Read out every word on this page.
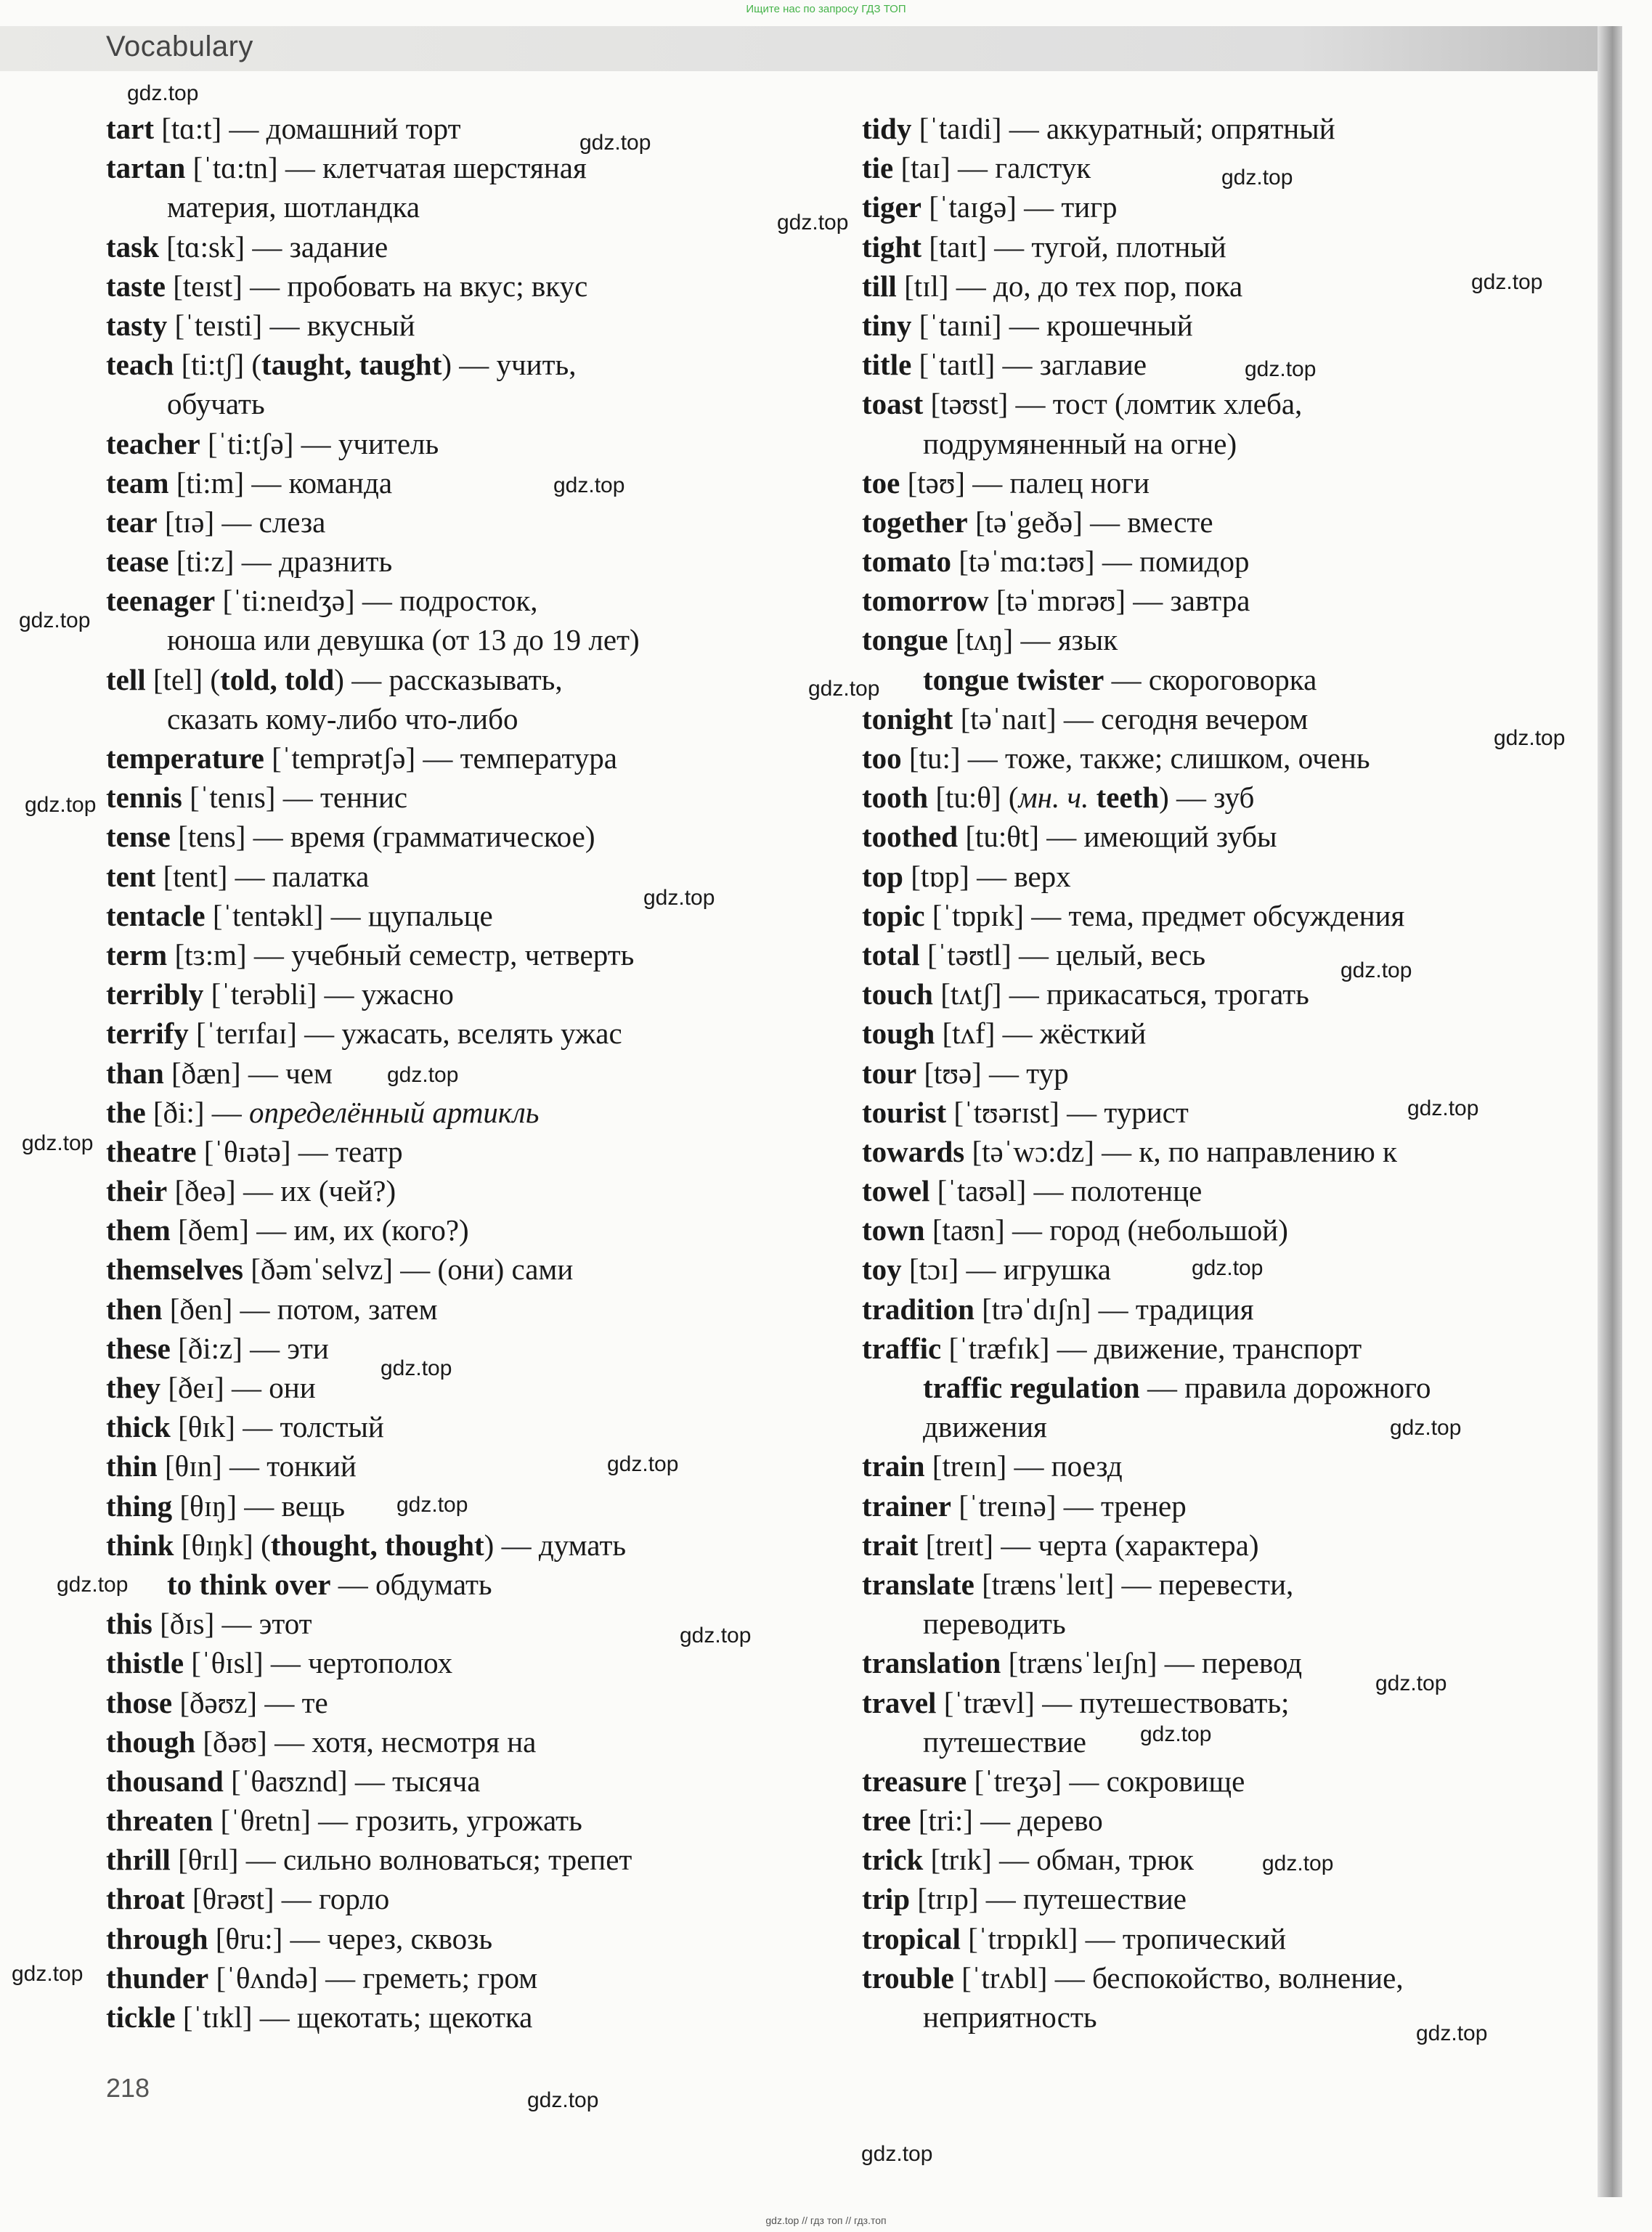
Ищите нас по запросу ГДЗ ТОП
Vocabulary
tart [tɑ:t] — домашний торт
tartan [ˈtɑ:tn] — клетчатая шерстяная
материя, шотландка
task [tɑ:sk] — задание
taste [teɪst] — пробовать на вкус; вкус
tasty [ˈteɪsti] — вкусный
teach [ti:tʃ] (taught, taught) — учить,
обучать
teacher [ˈti:tʃə] — учитель
team [ti:m] — команда
tear [tɪə] — слеза
tease [ti:z] — дразнить
teenager [ˈti:neɪdʒə] — подросток,
юноша или девушка (от 13 до 19 лет)
tell [tel] (told, told) — рассказывать,
сказать кому-либо что-либо
temperature [ˈtemprətʃə] — температура
tennis [ˈtenɪs] — теннис
tense [tens] — время (грамматическое)
tent [tent] — палатка
tentacle [ˈtentəkl] — щупальце
term [tɜ:m] — учебный семестр, четверть
terribly [ˈterəbli] — ужасно
terrify [ˈterɪfaɪ] — ужасать, вселять ужас
than [ðæn] — чем
the [ði:] — определённый артикль
theatre [ˈθɪətə] — театр
their [ðeə] — их (чей?)
them [ðem] — им, их (кого?)
themselves [ðəmˈselvz] — (они) сами
then [ðen] — потом, затем
these [ði:z] — эти
they [ðeɪ] — они
thick [θɪk] — толстый
thin [θɪn] — тонкий
thing [θɪŋ] — вещь
think [θɪŋk] (thought, thought) — думать
to think over — обдумать
this [ðɪs] — этот
thistle [ˈθɪsl] — чертополох
those [ðəʊz] — те
though [ðəʊ] — хотя, несмотря на
thousand [ˈθaʊznd] — тысяча
threaten [ˈθretn] — грозить, угрожать
thrill [θrɪl] — сильно волноваться; трепет
throat [θrəʊt] — горло
through [θru:] — через, сквозь
thunder [ˈθʌndə] — греметь; гром
tickle [ˈtɪkl] — щекотать; щекотка
tidy [ˈtaɪdi] — аккуратный; опрятный
tie [taɪ] — галстук
tiger [ˈtaɪgə] — тигр
tight [taɪt] — тугой, плотный
till [tɪl] — до, до тех пор, пока
tiny [ˈtaɪni] — крошечный
title [ˈtaɪtl] — заглавие
toast [təʊst] — тост (ломтик хлеба,
подрумяненный на огне)
toe [təʊ] — палец ноги
together [təˈgeðə] — вместе
tomato [təˈmɑ:təʊ] — помидор
tomorrow [təˈmɒrəʊ] — завтра
tongue [tʌŋ] — язык
tongue twister — скороговорка
tonight [təˈnaɪt] — сегодня вечером
too [tu:] — тоже, также; слишком, очень
tooth [tu:θ] (мн. ч. teeth) — зуб
toothed [tu:θt] — имеющий зубы
top [tɒp] — верх
topic [ˈtɒpɪk] — тема, предмет обсуждения
total [ˈtəʊtl] — целый, весь
touch [tʌtʃ] — прикасаться, трогать
tough [tʌf] — жёсткий
tour [tʊə] — тур
tourist [ˈtʊərɪst] — турист
towards [təˈwɔ:dz] — к, по направлению к
towel [ˈtaʊəl] — полотенце
town [taʊn] — город (небольшой)
toy [tɔɪ] — игрушка
tradition [trəˈdɪʃn] — традиция
traffic [ˈtræfɪk] — движение, транспорт
traffic regulation — правила дорожного
движения
train [treɪn] — поезд
trainer [ˈtreɪnə] — тренер
trait [treɪt] — черта (характера)
translate [trænsˈleɪt] — перевести,
переводить
translation [trænsˈleɪʃn] — перевод
travel [ˈtrævl] — путешествовать;
путешествие
treasure [ˈtreʒə] — сокровище
tree [tri:] — дерево
trick [trɪk] — обман, трюк
trip [trɪp] — путешествие
tropical [ˈtrɒpɪkl] — тропический
trouble [ˈtrʌbl] — беспокойство, волнение,
неприятность
218
gdz.top
gdz.top
gdz.top
gdz.top
gdz.top
gdz.top
gdz.top
gdz.top
gdz.top
gdz.top
gdz.top
gdz.top
gdz.top
gdz.top
gdz.top
gdz.top
gdz.top
gdz.top
gdz.top
gdz.top
gdz.top
gdz.top
gdz.top
gdz.top
gdz.top
gdz.top
gdz.top
gdz.top
gdz.top
gdz.top
gdz.top // гдз топ // гдз.топ
